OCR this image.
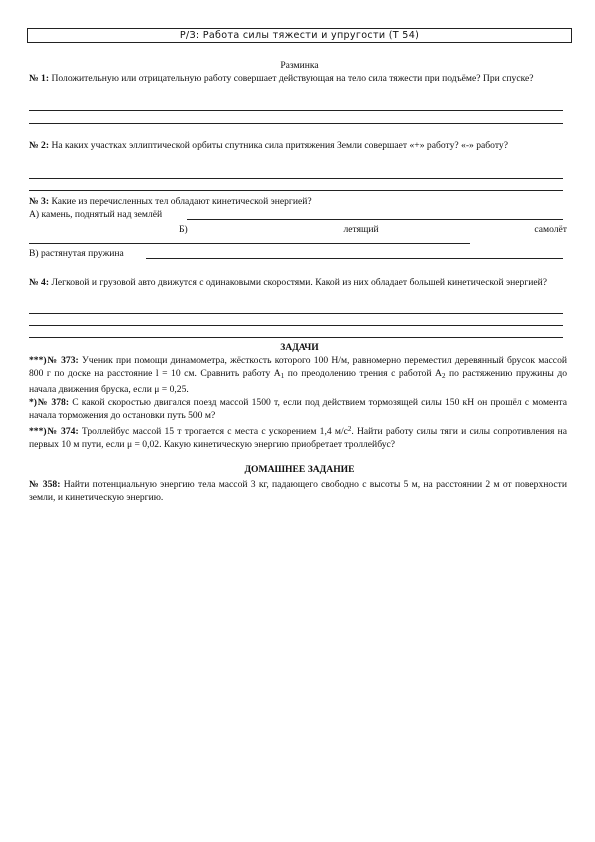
Р/З: Работа силы тяжести и упругости (Т 54)
Разминка
№ 1: Положительную или отрицательную работу совершает действующая на тело сила тяжести при подъёме? При спуске?
№ 2: На каких участках эллиптической орбиты спутника сила притяжения Земли совершает «+» работу? «-» работу?
№ 3: Какие из перечисленных тел обладают кинетической энергией?
А) камень, поднятый над землёй
Б)	летящий	самолёт
В) растянутая пружина
№ 4: Легковой и грузовой авто движутся с одинаковыми скоростями. Какой из них обладает большей кинетической энергией?
ЗАДАЧИ
***)№ 373: Ученик при помощи динамометра, жёсткость которого 100 Н/м, равномерно переместил деревянный брусок массой 800 г по доске на расстояние l = 10 см. Сравнить работу $A_1$ по преодолению трения с работой $A_2$ по растяжению пружины до начала движения бруска, если μ = 0,25.
*)№ 378: С какой скоростью двигался поезд массой 1500 т, если под действием тормозящей силы 150 кН он прошёл с момента начала торможения до остановки путь 500 м?
***)№ 374: Троллейбус массой 15 т трогается с места с ускорением 1,4 $м/с^2$. Найти работу силы тяги и силы сопротивления на первых 10 м пути, если μ = 0,02. Какую кинетическую энергию приобретает троллейбус?
ДОМАШНЕЕ ЗАДАНИЕ
№ 358: Найти потенциальную энергию тела массой 3 кг, падающего свободно с высоты 5 м, на расстоянии 2 м от поверхности земли, и кинетическую энергию.
